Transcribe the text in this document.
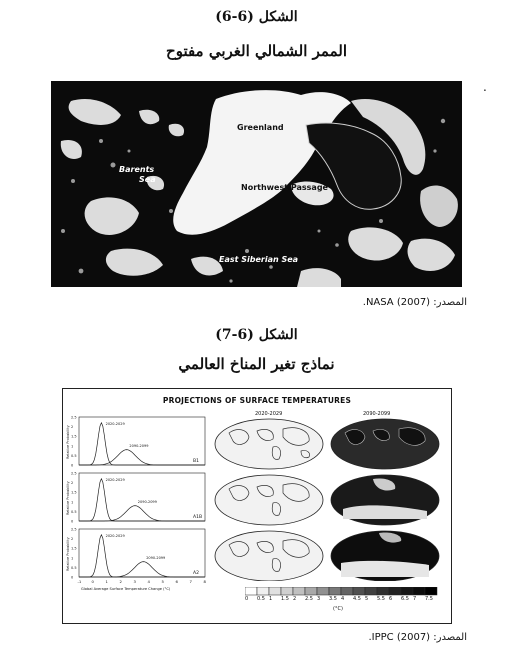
الشكل (6-6)
الممر الشمالي الغربي مفتوح
.
Greenland
Barents
Sea
Northwest Passage
East Siberian Sea
المصدر: NASA (2007).
الشكل (6-7)
نماذج تغير المناخ العالمي
PROJECTIONS OF SURFACE TEMPERATURES
2020-2029	2090-2099
2.5
2
1.5
1
0.5
0
2020-2029
2090-2099
B1
Relative Probability
2.5
2
1.5
1
0.5
0
2020-2029
2090-2099
A1B
Relative Probability
2.5
2
1.5
1
0.5
0
2020-2029
2090-2099
A2
Relative Probability
-1	0	1	2	3	4	5	6	7	8
Global Average Surface Temperature Change (°C)
0 0.5 1 1.5 2 2.5 3 3.5 4 4.5 5 5.5 6 6.5 7 7.5
(°C)
المصدر: IPPC (2007).
